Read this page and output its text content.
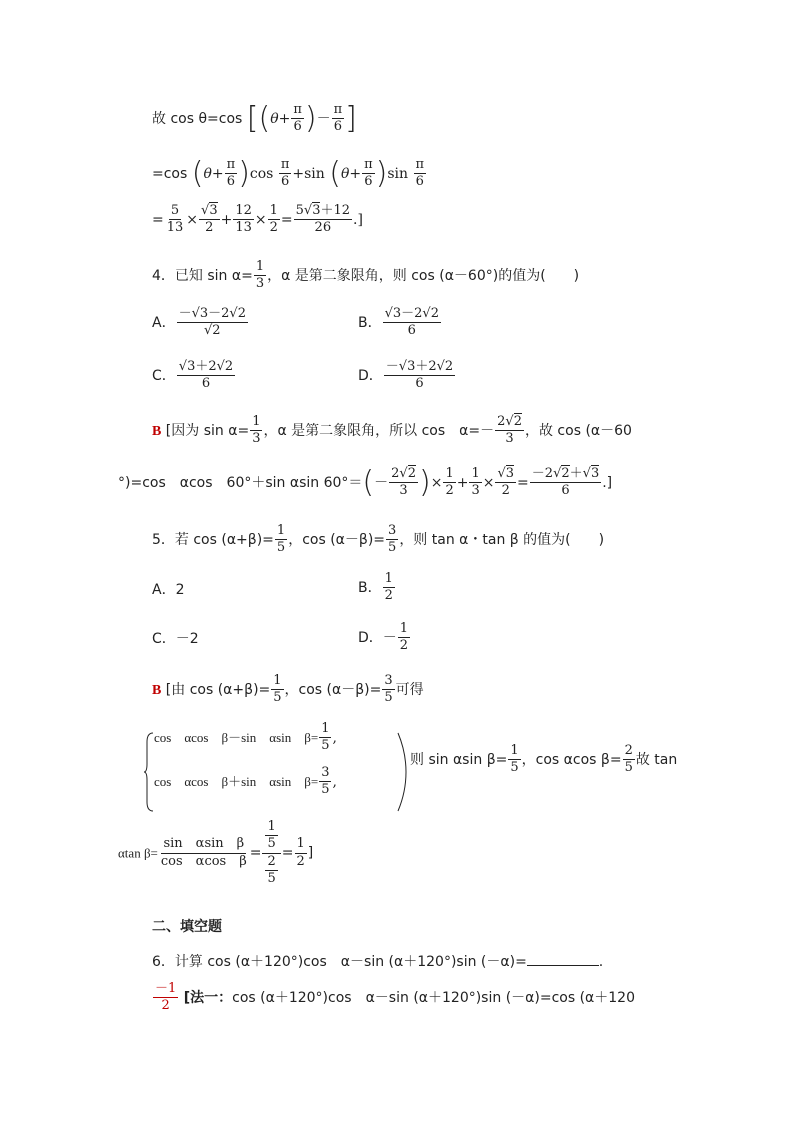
故 cos θ=cos [($\theta+ \frac{\pi}{6}$ )－ $\frac{\pi}{6}$ ]
=cos $(\theta+ \frac{\pi}{6} )\cos \frac{\pi}{6} +\sin$ $(\theta+ \frac{\pi}{6} )\sin \frac{\pi}{6}$
= $\frac{5}{13} \times \frac{√3}{2} + \frac{12}{13} \times \frac{1}{2} = \frac{5√3+12}{26}$ .]
4．已知 $\sin \alpha= \frac{1}{3}$ ，α 是第二象限角，则 cos (α－60°)的值为(　　)
A． $\frac{-√3-2√2}{√2}$	B． $\frac{√3-2√2}{6}$
C． $\frac{√3+2√2}{6}$	D． $\frac{-√3+2√2}{6}$
B [因为 $\sin \alpha= \frac{1}{3}$ ，α 是第二象限角，所以 cos　$\alpha=- \frac{2√2}{3}$ ，故 cos (α－60
°)=cos　αcos　60°＋sin αsin $60^\circ=(- \frac{2√2}{3}$ )× $\frac{1}{2} + \frac{1}{3} \times \frac{√3}{2} = \frac{-2√2+√3}{6}$ .]
5．若 $\cos (\alpha+\beta)= \frac{1}{5}$ ，$\cos (\alpha-\beta)= \frac{3}{5}$ ，则 tan α・tan β 的值为(　　)
A．2	B． $\frac{1}{2}$
C．－2	D．－ $\frac{1}{2}$
B [由 $\cos (\alpha+\beta)= \frac{1}{5}$ ，$\cos (\alpha-\beta)= \frac{3}{5}$ 可得
cos　αcos　β－sin　αsin　$\beta= \frac{1}{5}$ ,
cos　αcos　β＋sin　αsin　$\beta= \frac{3}{5}$ ,
则 sin αsin $\beta= \frac{1}{5}$ ，cos αcos $\beta= \frac{2}{5}$ 故 tan
αtan $\beta= \frac{\text{sin　αsin　β}}{\text{cos　αcos　β}} = \frac{\frac{1}{5}}{\frac{2}{5}} = \frac{1}{2}$ ]
二、填空题
6．计算 cos (α＋120°)cos　α－sin (α＋120°)sin (－α)=	.
$\frac{-1}{2}$ [法一：cos (α＋120°)cos　α－sin (α＋120°)sin (－α)=cos (α＋120
